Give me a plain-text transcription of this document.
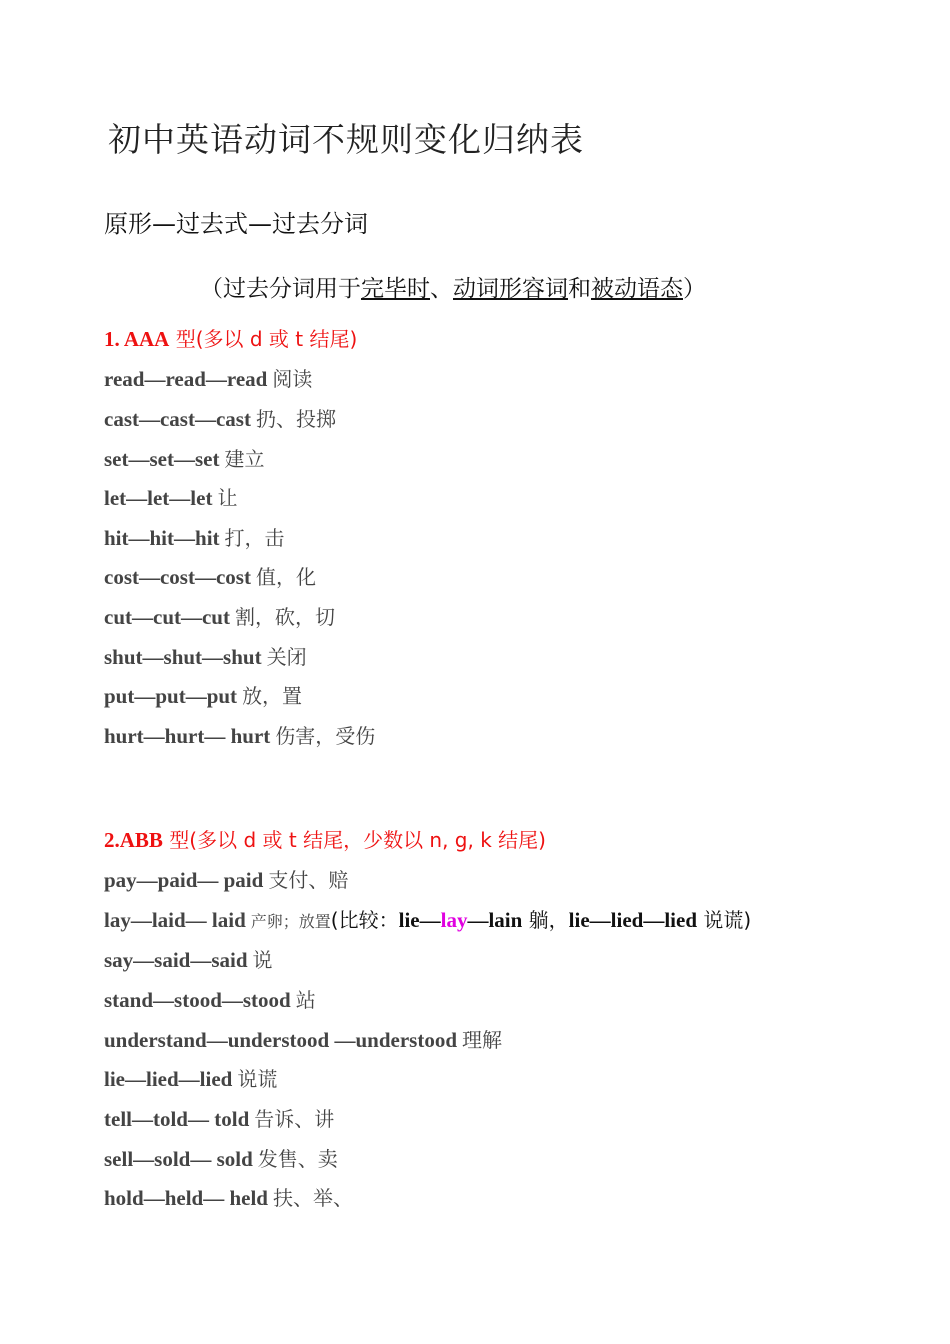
初中英语动词不规则变化归纳表
原形—过去式—过去分词
（过去分词用于完毕时、动词形容词和被动语态）
1. AAA 型(多以 d 或 t 结尾)
read—read—read 阅读
cast—cast—cast 扔、投掷
set—set—set 建立
let—let—let 让
hit—hit—hit 打，击
cost—cost—cost 值，化
cut—cut—cut 割，砍，切
shut—shut—shut 关闭
put—put—put 放，置
hurt—hurt— hurt 伤害，受伤
2.ABB 型(多以 d 或 t 结尾，少数以 n, g, k 结尾)
pay—paid— paid 支付、赔
lay—laid— laid 产卵；放置(比较：lie—lay—lain 躺，lie—lied—lied 说谎)
say—said—said 说
stand—stood—stood 站
understand—understood —understood 理解
lie—lied—lied 说谎
tell—told— told 告诉、讲
sell—sold— sold 发售、卖
hold—held— held 扶、举、
